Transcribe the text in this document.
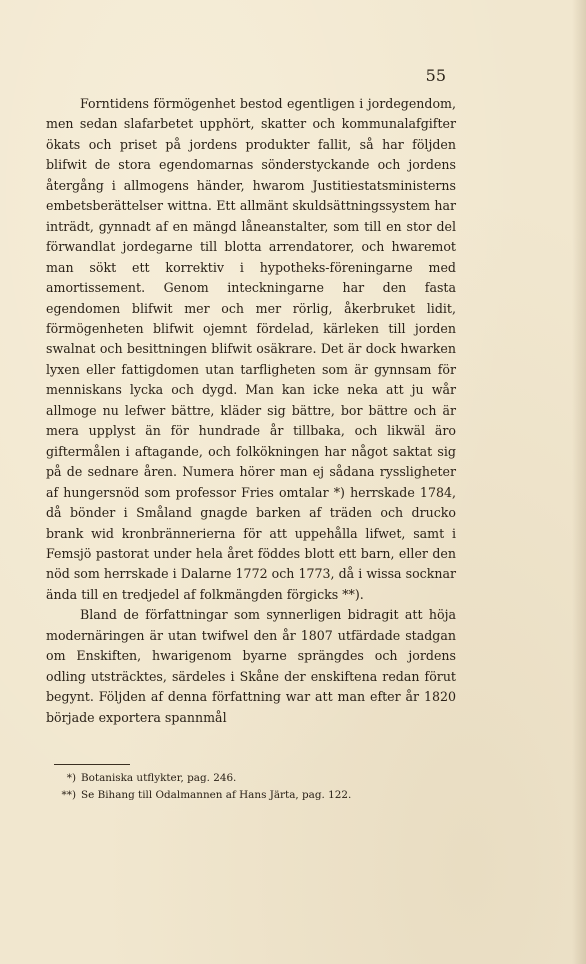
55

Forntidens förmögenhet bestod egentligen i jordegendom, men sedan slafarbetet upphört, skatter och kommunalafgifter ökats och priset på jordens produkter fallit, så har följden blifwit de stora egendomarnas sönderstyckande och jordens återgång i allmogens händer, hwarom Justitiestatsministerns embetsberättelser wittna. Ett allmänt skuldsättningssystem har inträdt, gynnadt af en mängd låneanstalter, som till en stor del förwandlat jordegarne till blotta arrendatorer, och hwaremot man sökt ett korrektiv i hypotheks-föreningarne med amortissement. Genom inteckningarne har den fasta egendomen blifwit mer och mer rörlig, åkerbruket lidit, förmögenheten blifwit ojemnt fördelad, kärleken till jorden swalnat och besittningen blifwit osäkrare. Det är dock hwarken lyxen eller fattigdomen utan tarfligheten som är gynnsam för menniskans lycka och dygd. Man kan icke neka att ju wår allmoge nu lefwer bättre, kläder sig bättre, bor bättre och är mera upplyst än för hundrade år tillbaka, och likwäl äro giftermålen i aftagande, och folkökningen har något saktat sig på de sednare åren. Numera hörer man ej sådana ryssligheter af hungersnöd som professor Fries omtalar *) herrskade 1784, då bönder i Småland gnagde barken af träden och drucko brank wid kronbrännerierna för att uppehålla lifwet, samt i Femsjö pastorat under hela året föddes blott ett barn, eller den nöd som herrskade i Dalarne 1772 och 1773, då i wissa socknar ända till en tredjedel af folkmängden förgicks **).

Bland de författningar som synnerligen bidragit att höja modernäringen är utan twifwel den år 1807 utfärdade stadgan om Enskiften, hwarigenom byarne sprängdes och jordens odling utsträcktes, särdeles i Skåne der enskiftena redan förut begynt. Följden af denna författning war att man efter år 1820 började exportera spannmål

*) Botaniska utflykter, pag. 246.
**) Se Bihang till Odalmannen af Hans Järta, pag. 122.
